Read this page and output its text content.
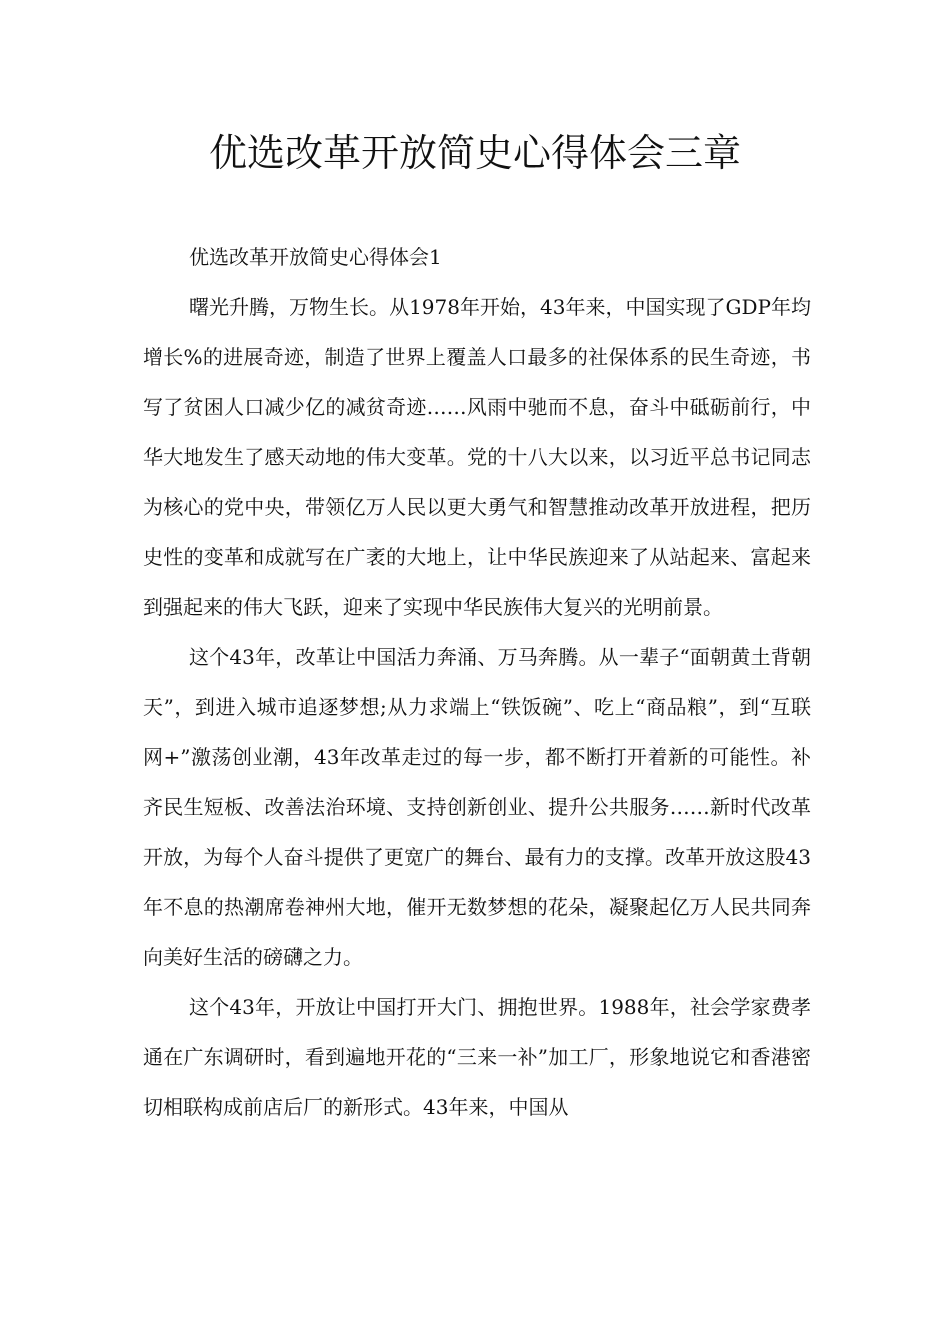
优选改革开放简史心得体会三章

优选改革开放简史心得体会1

曙光升腾，万物生长。从1978年开始，43年来，中国实现了GDP年均增长%的进展奇迹，制造了世界上覆盖人口最多的社保体系的民生奇迹，书写了贫困人口减少亿的减贫奇迹……风雨中驰而不息，奋斗中砥砺前行，中华大地发生了感天动地的伟大变革。党的十八大以来，以习近平总书记同志为核心的党中央，带领亿万人民以更大勇气和智慧推动改革开放进程，把历史性的变革和成就写在广袤的大地上，让中华民族迎来了从站起来、富起来到强起来的伟大飞跃，迎来了实现中华民族伟大复兴的光明前景。

这个43年，改革让中国活力奔涌、万马奔腾。从一辈子“面朝黄土背朝天”，到进入城市追逐梦想;从力求端上“铁饭碗”、吃上“商品粮”，到“互联网+”激荡创业潮，43年改革走过的每一步，都不断打开着新的可能性。补齐民生短板、改善法治环境、支持创新创业、提升公共服务……新时代改革开放，为每个人奋斗提供了更宽广的舞台、最有力的支撑。改革开放这股43年不息的热潮席卷神州大地，催开无数梦想的花朵，凝聚起亿万人民共同奔向美好生活的磅礴之力。

这个43年，开放让中国打开大门、拥抱世界。1988年，社会学家费孝通在广东调研时，看到遍地开花的“三来一补”加工厂，形象地说它和香港密切相联构成前店后厂的新形式。43年来，中国从
